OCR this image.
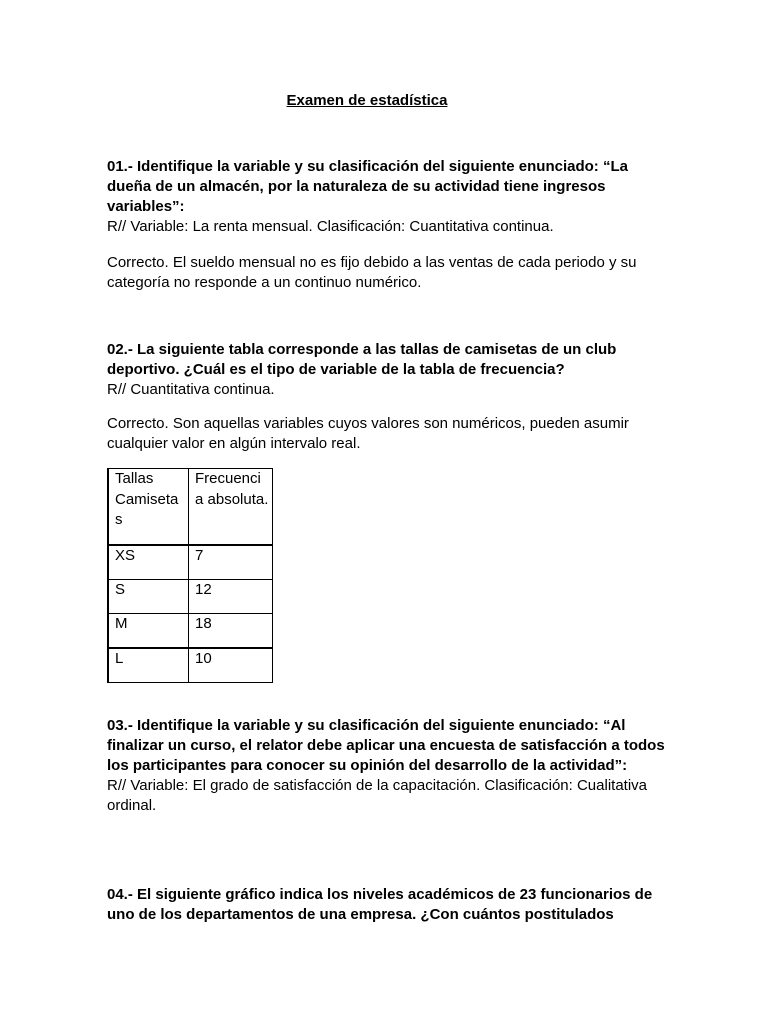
Examen de estadística

01.- Identifique la variable y su clasificación del siguiente enunciado: “La dueña de un almacén, por la naturaleza de su actividad tiene ingresos variables”:

R// Variable: La renta mensual. Clasificación: Cuantitativa continua.

Correcto. El sueldo mensual no es fijo debido a las ventas de cada periodo y su categoría no responde a un continuo numérico.

02.- La siguiente tabla corresponde a las tallas de camisetas de un club deportivo. ¿Cuál es el tipo de variable de la tabla de frecuencia?

R// Cuantitativa continua.

Correcto. Son aquellas variables cuyos valores son numéricos, pueden asumir cualquier valor en algún intervalo real.

Tallas Camiseta s	Frecuenci a absoluta.
XS	7
S	12
M	18
L	10

03.- Identifique la variable y su clasificación del siguiente enunciado: “Al finalizar un curso, el relator debe aplicar una encuesta de satisfacción a todos los participantes para conocer su opinión del desarrollo de la actividad”:

R// Variable: El grado de satisfacción de la capacitación. Clasificación: Cualitativa ordinal.

04.- El siguiente gráfico indica los niveles académicos de 23 funcionarios de uno de los departamentos de una empresa. ¿Con cuántos postitulados
